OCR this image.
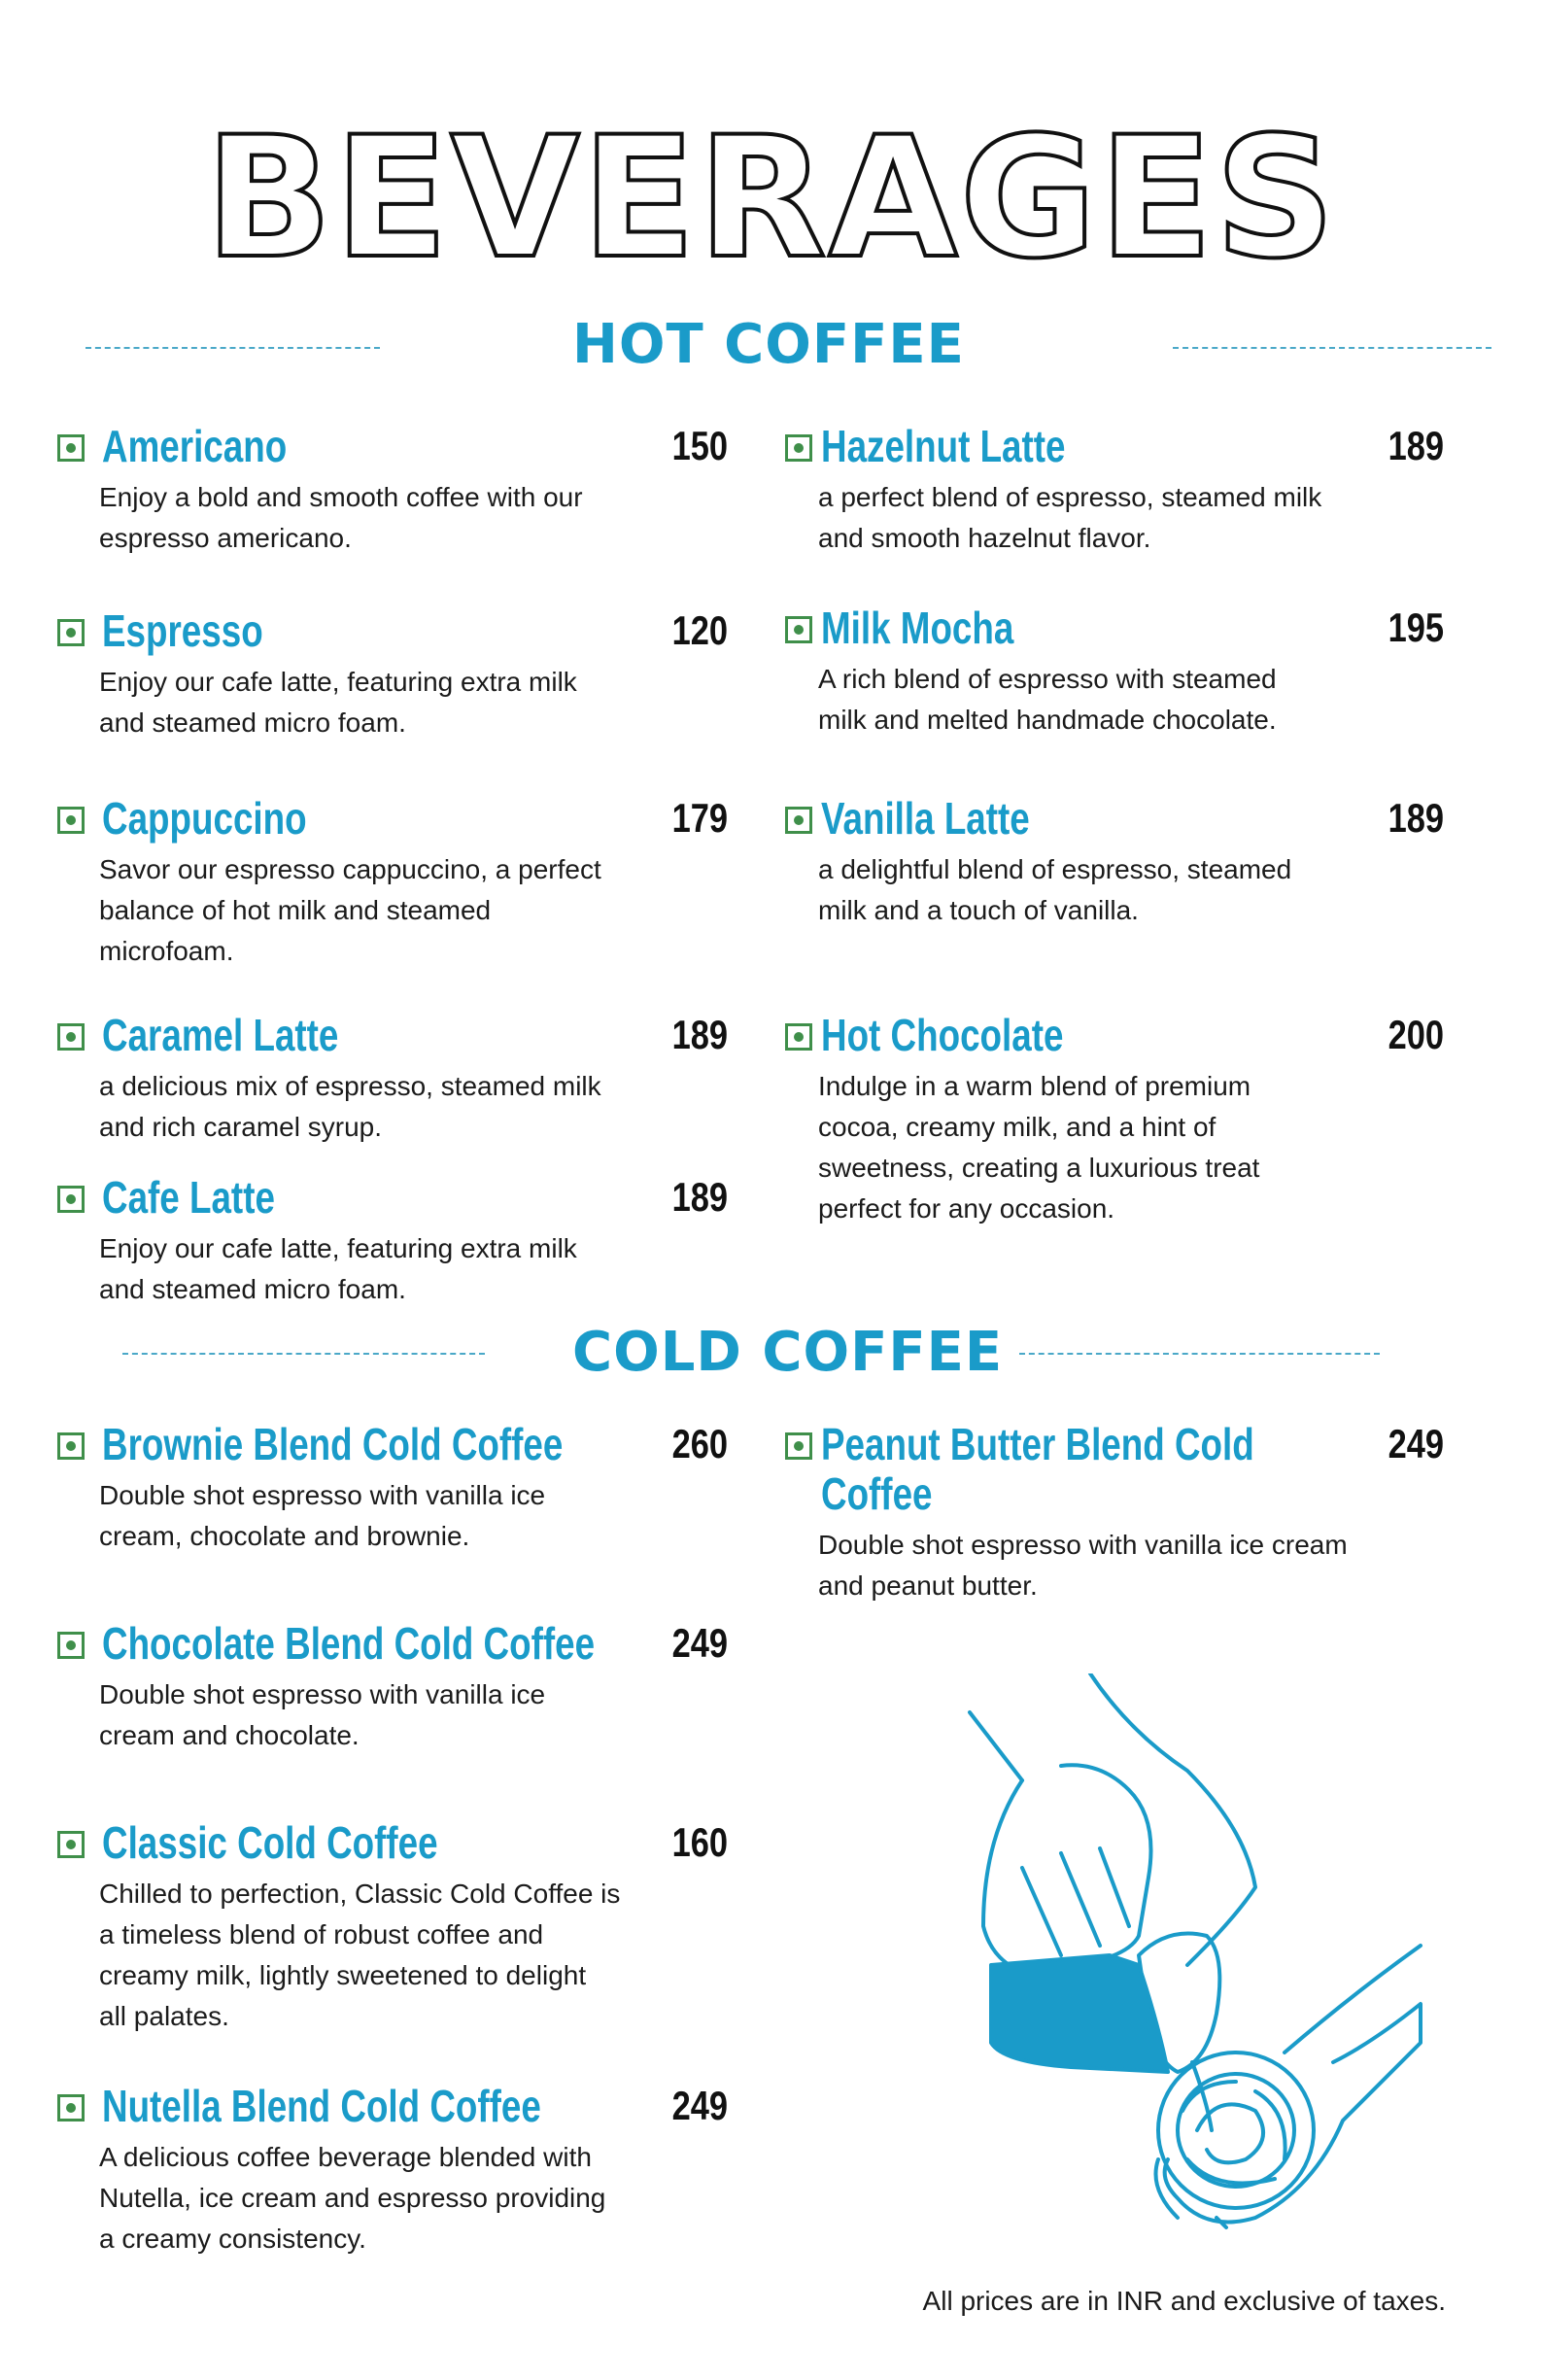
BEVERAGES
HOT COFFEE
COLD COFFEE
Americano	150
Enjoy a bold and smooth coffee with our
espresso americano.
Espresso	120
Enjoy our cafe latte, featuring extra milk
and steamed micro foam.
Cappuccino	179
Savor our espresso cappuccino, a perfect
balance of hot milk and steamed
microfoam.
Caramel Latte	189
a delicious mix of espresso, steamed milk
and rich caramel syrup.
Cafe Latte	189
Enjoy our cafe latte, featuring extra milk
and steamed micro foam.
Hazelnut Latte	189
a perfect blend of espresso, steamed milk
and smooth hazelnut flavor.
Milk Mocha	195
A rich blend of espresso with steamed
milk and melted handmade chocolate.
Vanilla Latte	189
a delightful blend of espresso, steamed
milk and a touch of vanilla.
Hot Chocolate	200
Indulge in a warm blend of premium
cocoa, creamy milk, and a hint of
sweetness, creating a luxurious treat
perfect for any occasion.
Brownie Blend Cold Coffee	260
Double shot espresso with vanilla ice
cream, chocolate and brownie.
Chocolate Blend Cold Coffee 249
Double shot espresso with vanilla ice
cream and chocolate.
Classic Cold Coffee	160
Chilled to perfection, Classic Cold Coffee is
a timeless blend of robust coffee and
creamy milk, lightly sweetened to delight
all palates.
Nutella Blend Cold Coffee	249
A delicious coffee beverage blended with
Nutella, ice cream and espresso providing
a creamy consistency.
Peanut Butter Blend Cold
Coffee
249
Double shot espresso with vanilla ice cream
and peanut butter.
All prices are in INR and exclusive of taxes.
